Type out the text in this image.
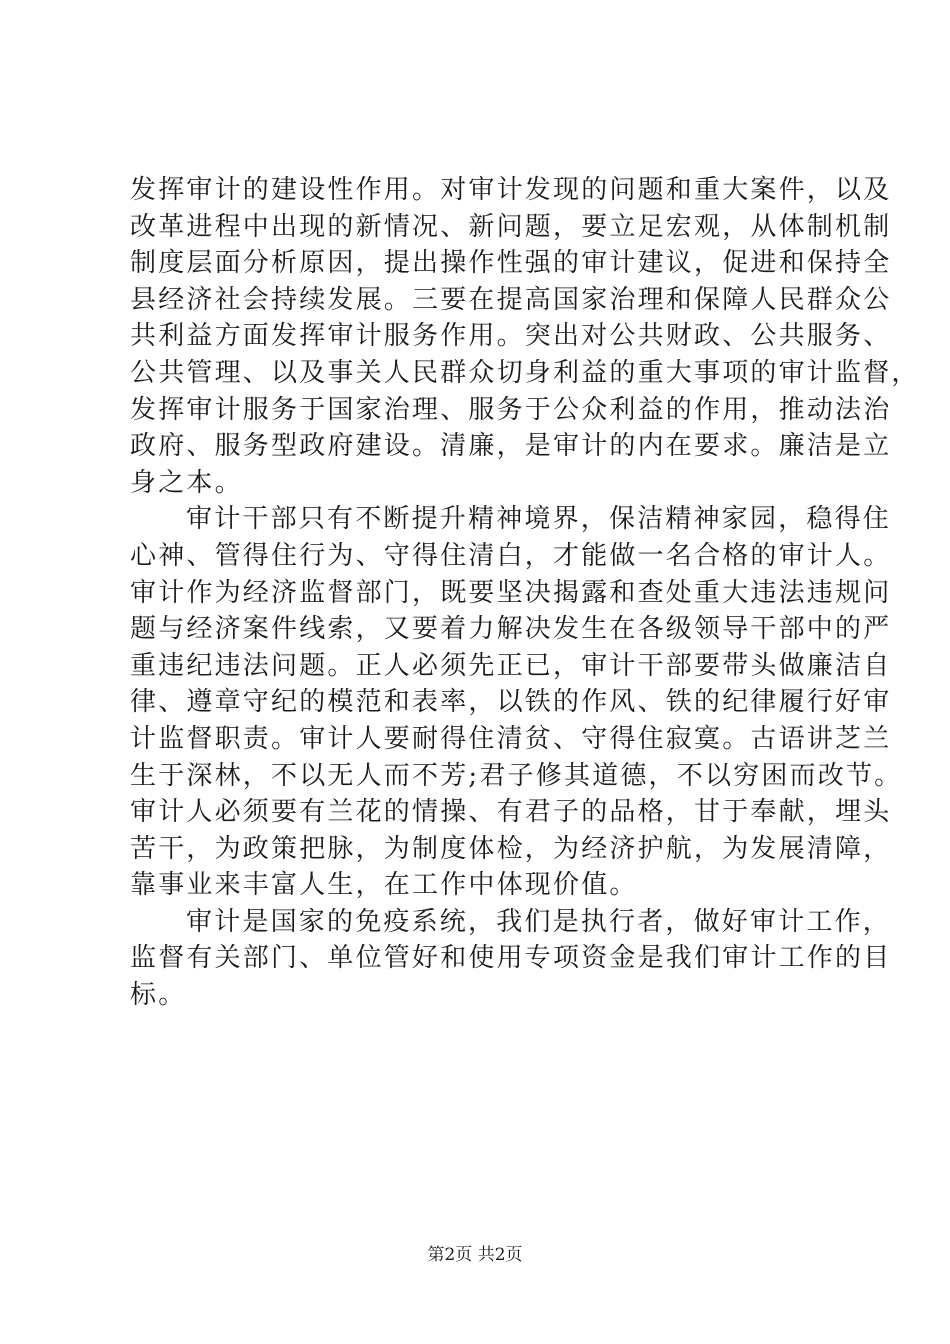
发挥审计的建设性作用。对审计发现的问题和重大案件，以及
改革进程中出现的新情况、新问题，要立足宏观，从体制机制
制度层面分析原因，提出操作性强的审计建议，促进和保持全
县经济社会持续发展。三要在提高国家治理和保障人民群众公
共利益方面发挥审计服务作用。突出对公共财政、公共服务、
公共管理、以及事关人民群众切身利益的重大事项的审计监督，
发挥审计服务于国家治理、服务于公众利益的作用，推动法治
政府、服务型政府建设。清廉，是审计的内在要求。廉洁是立
身之本。
审计干部只有不断提升精神境界，保洁精神家园，稳得住
心神、管得住行为、守得住清白，才能做一名合格的审计人。
审计作为经济监督部门，既要坚决揭露和查处重大违法违规问
题与经济案件线索，又要着力解决发生在各级领导干部中的严
重违纪违法问题。正人必须先正已，审计干部要带头做廉洁自
律、遵章守纪的模范和表率，以铁的作风、铁的纪律履行好审
计监督职责。审计人要耐得住清贫、守得住寂寞。古语讲芝兰
生于深林，不以无人而不芳;君子修其道德，不以穷困而改节。
审计人必须要有兰花的情操、有君子的品格，甘于奉献，埋头
苦干，为政策把脉，为制度体检，为经济护航，为发展清障，
靠事业来丰富人生，在工作中体现价值。
审计是国家的免疫系统，我们是执行者，做好审计工作，
监督有关部门、单位管好和使用专项资金是我们审计工作的目
标。
第2页 共2页
